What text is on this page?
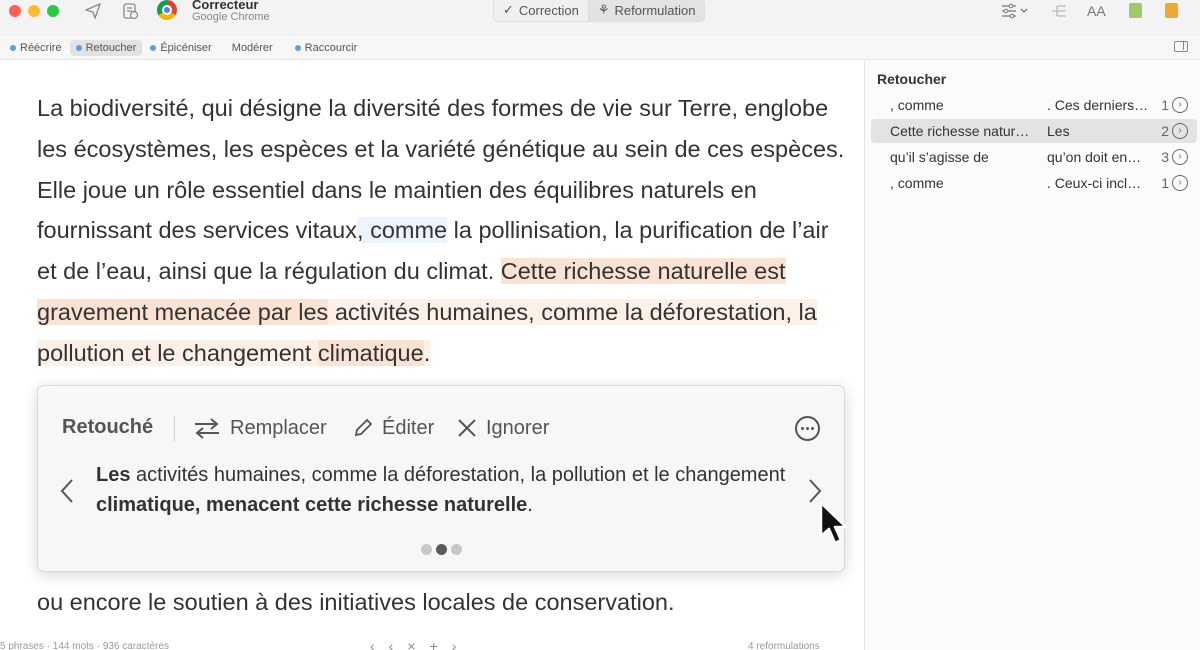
Correcteur
Google Chrome	✓ Correction ⚘ Reformulation	AA
Réécrire Retoucher Épicéniser Modérer	Raccourcir
La biodiversité, qui désigne la diversité des formes de vie sur Terre, englobe les écosystèmes, les espèces et la variété génétique au sein de ces espèces. Elle joue un rôle essentiel dans le maintien des équilibres naturels en fournissant des services vitaux, comme la pollinisation, la purification de l’air et de l’eau, ainsi que la régulation du climat. Cette richesse naturelle est gravement menacée par les activités humaines, comme la déforestation, la pollution et le changement climatique.
ou encore le soutien à des initiatives locales de conservation.
Retouché	Remplacer	Éditer	Ignorer
Les activités humaines, comme la déforestation, la pollution et le changement climatique, menacent cette richesse naturelle.
Retoucher
, comme	. Ces derniers… 1 ›
Cette richesse natur…	Les	2 ›
qu’il s’agisse de	qu’on doit en…	3 ›
, comme	. Ceux-ci incl…	1 ›
5 phrases · 144 mots · 936 caractères	‹ ‹ × + ›	4 reformulations
